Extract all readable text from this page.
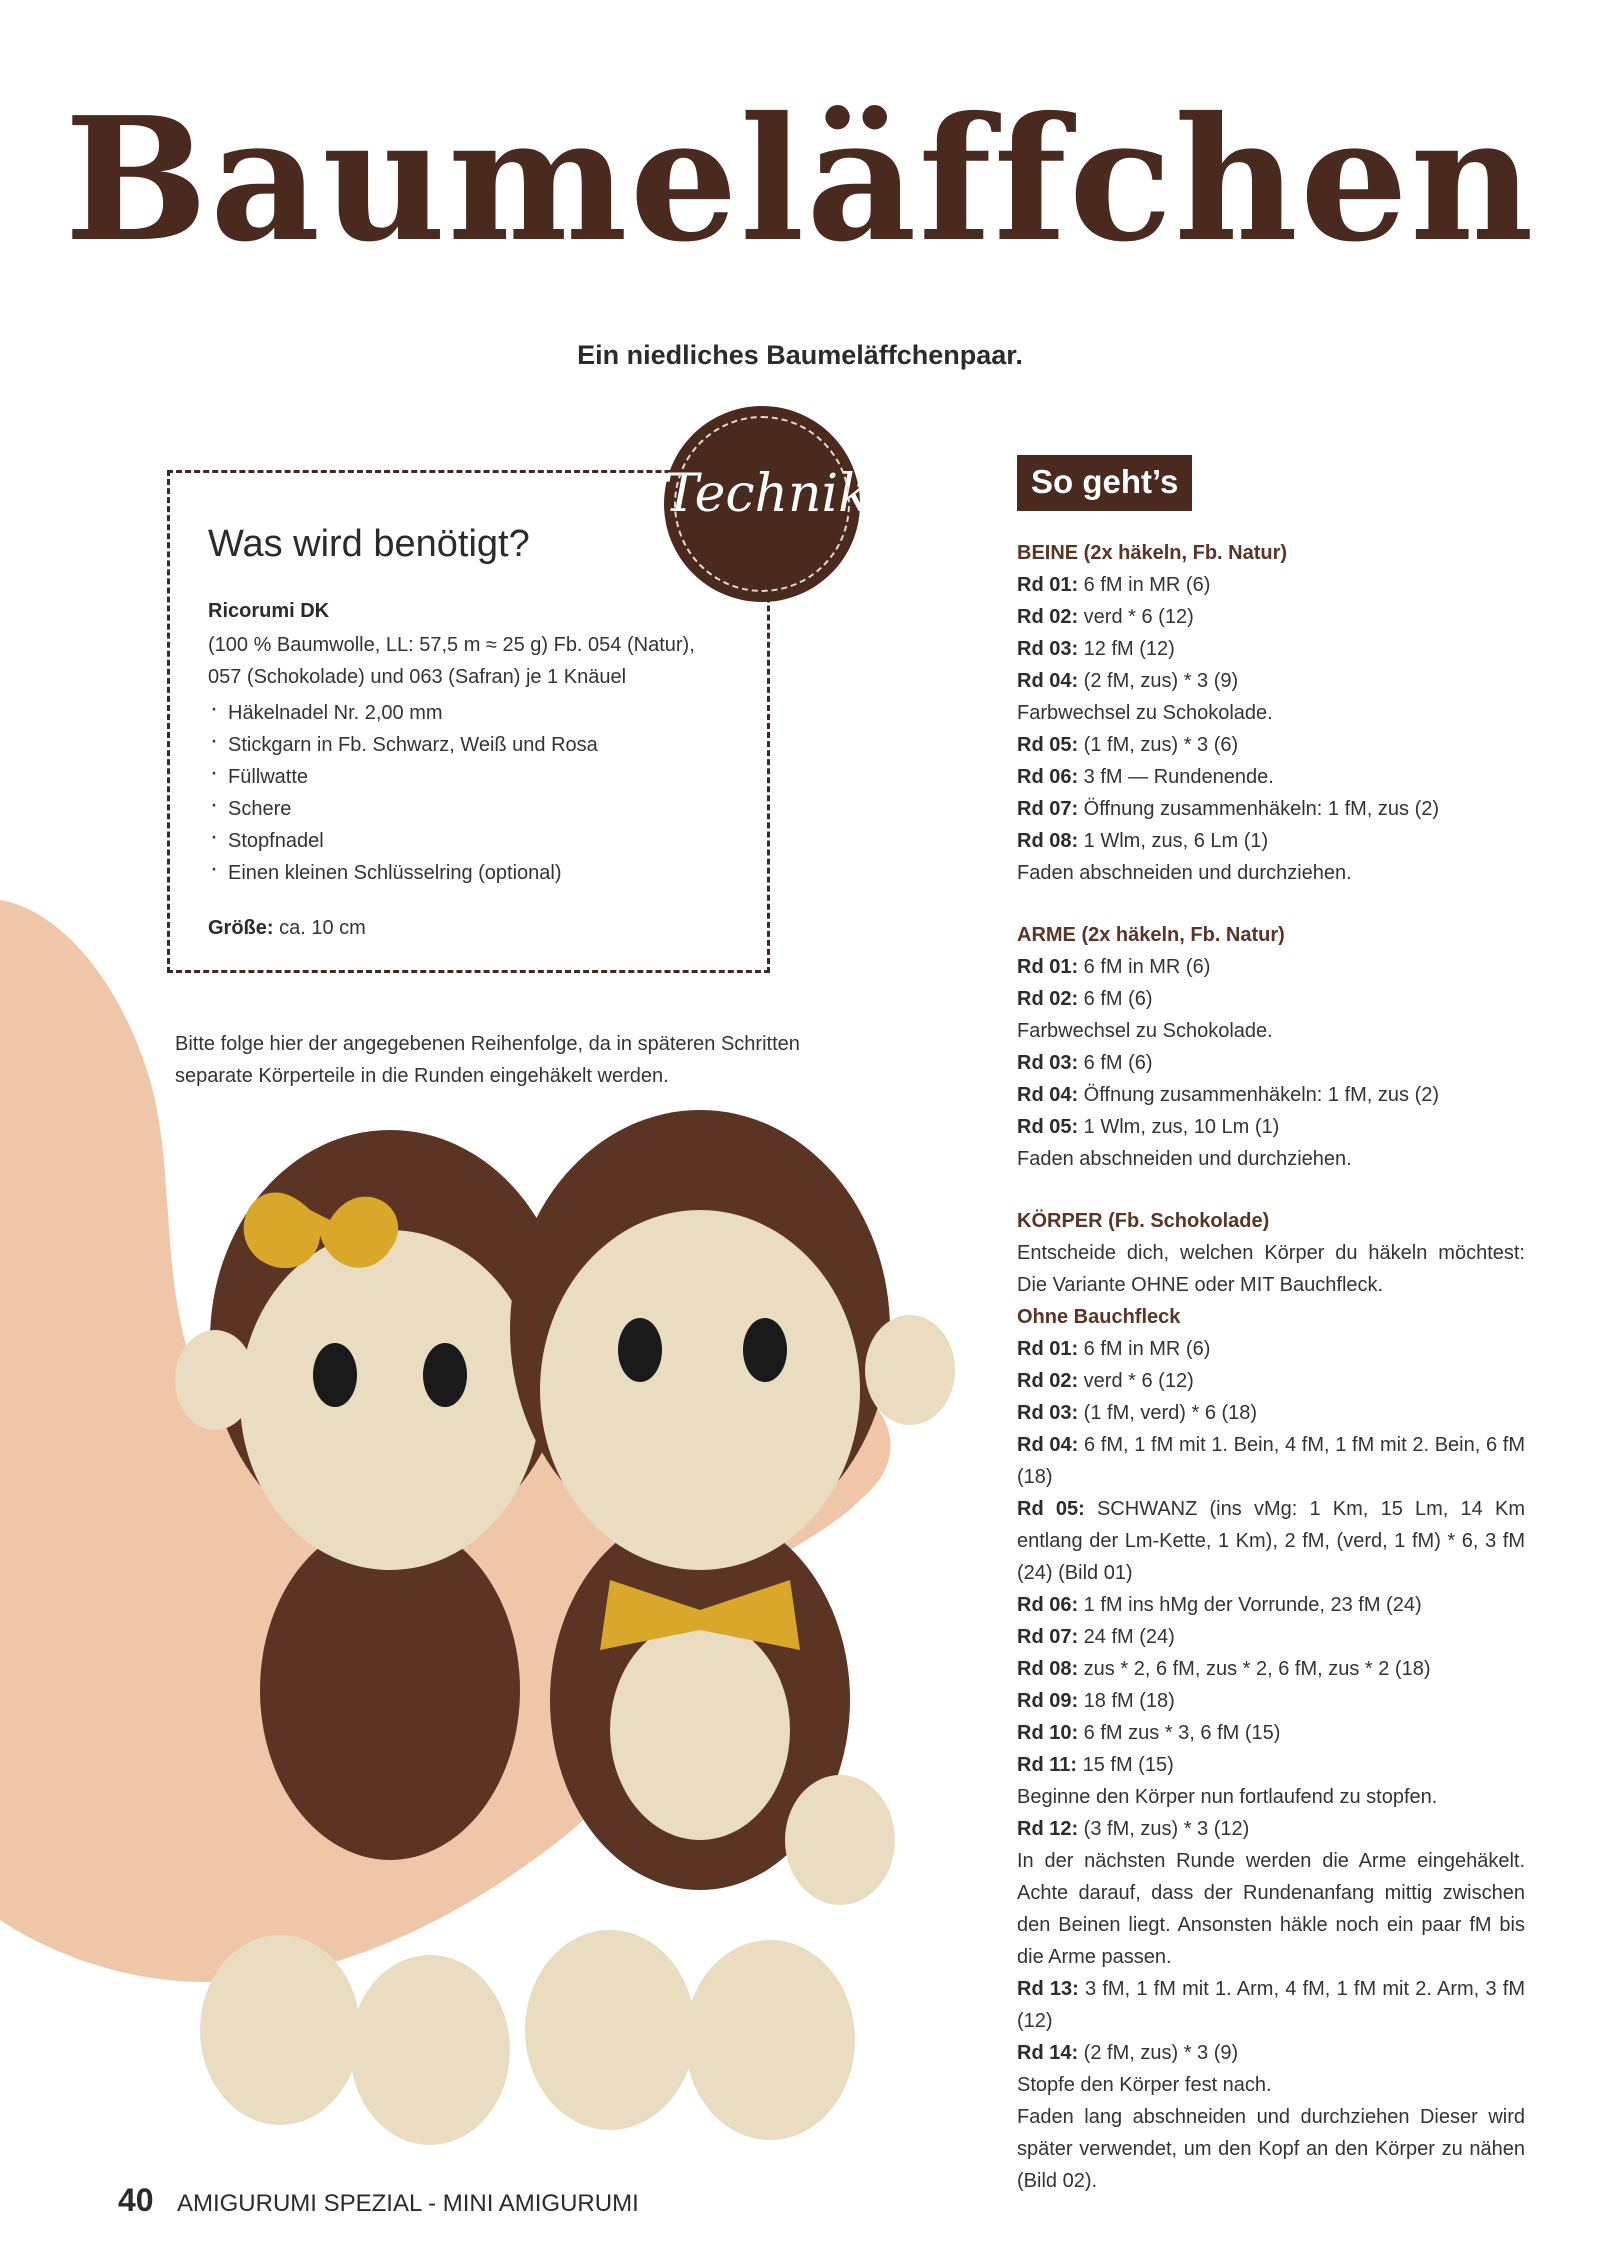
Baumeläffchen
Ein niedliches Baumeläffchenpaar.
Was wird benötigt?
Ricorumi DK
(100 % Baumwolle, LL: 57,5 m ≈ 25 g) Fb. 054 (Natur), 057 (Schokolade) und 063 (Safran) je 1 Knäuel
· Häkelnadel Nr. 2,00 mm
· Stickgarn in Fb. Schwarz, Weiß und Rosa
· Füllwatte
· Schere
· Stopfnadel
· Einen kleinen Schlüsselring (optional)
Größe: ca. 10 cm
Technik
Bitte folge hier der angegebenen Reihenfolge, da in späteren Schritten separate Körperteile in die Runden eingehäkelt werden.
So geht’s
BEINE (2x häkeln, Fb. Natur)
Rd 01: 6 fM in MR (6)
Rd 02: verd * 6 (12)
Rd 03: 12 fM (12)
Rd 04: (2 fM, zus) * 3 (9)
Farbwechsel zu Schokolade.
Rd 05: (1 fM, zus) * 3 (6)
Rd 06: 3 fM — Rundenende.
Rd 07: Öffnung zusammenhäkeln: 1 fM, zus (2)
Rd 08: 1 Wlm, zus, 6 Lm (1)
Faden abschneiden und durchziehen.
ARME (2x häkeln, Fb. Natur)
Rd 01: 6 fM in MR (6)
Rd 02: 6 fM (6)
Farbwechsel zu Schokolade.
Rd 03: 6 fM (6)
Rd 04: Öffnung zusammenhäkeln: 1 fM, zus (2)
Rd 05: 1 Wlm, zus, 10 Lm (1)
Faden abschneiden und durchziehen.
KÖRPER (Fb. Schokolade)
Entscheide dich, welchen Körper du häkeln möchtest: Die Variante OHNE oder MIT Bauchfleck.
Ohne Bauchfleck
Rd 01: 6 fM in MR (6)
Rd 02: verd * 6 (12)
Rd 03: (1 fM, verd) * 6 (18)
Rd 04: 6 fM, 1 fM mit 1. Bein, 4 fM, 1 fM mit 2. Bein, 6 fM (18)
Rd 05: SCHWANZ (ins vMg: 1 Km, 15 Lm, 14 Km entlang der Lm-Kette, 1 Km), 2 fM, (verd, 1 fM) * 6, 3 fM (24) (Bild 01)
Rd 06: 1 fM ins hMg der Vorrunde, 23 fM (24)
Rd 07: 24 fM (24)
Rd 08: zus * 2, 6 fM, zus * 2, 6 fM, zus * 2 (18)
Rd 09: 18 fM (18)
Rd 10: 6 fM zus * 3, 6 fM (15)
Rd 11: 15 fM (15)
Beginne den Körper nun fortlaufend zu stopfen.
Rd 12: (3 fM, zus) * 3 (12)
In der nächsten Runde werden die Arme eingehäkelt. Achte darauf, dass der Rundenanfang mittig zwischen den Beinen liegt. Ansonsten häkle noch ein paar fM bis die Arme passen.
Rd 13: 3 fM, 1 fM mit 1. Arm, 4 fM, 1 fM mit 2. Arm, 3 fM (12)
Rd 14: (2 fM, zus) * 3 (9)
Stopfe den Körper fest nach.
Faden lang abschneiden und durchziehen Dieser wird später verwendet, um den Kopf an den Körper zu nähen (Bild 02).
40 AMIGURUMI SPEZIAL - MINI AMIGURUMI
